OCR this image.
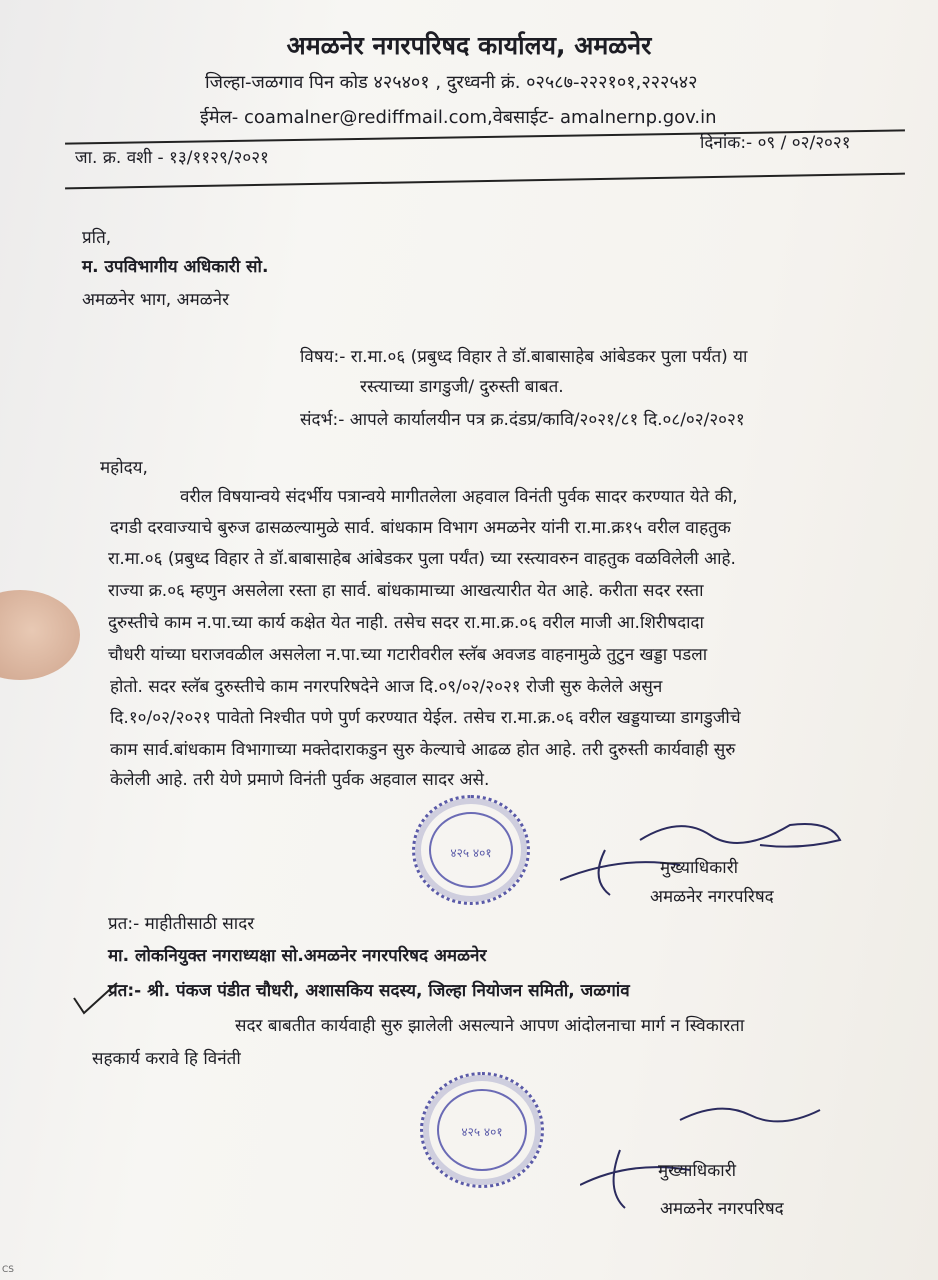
अमळनेर नगरपरिषद कार्यालय, अमळनेर
जिल्हा-जळगाव पिन कोड ४२५४०१ , दुरध्वनी क्रं. ०२५८७-२२२१०१,२२२५४२
ईमेल- coamalner@rediffmail.com,वेबसाईट- amalnernp.gov.in
जा. क्र. वशी - १३/११२९/२०२१
दिनांक:- ०९ / ०२/२०२१
प्रति,
म. उपविभागीय अधिकारी सो.
अमळनेर भाग, अमळनेर
विषय:- रा.मा.०६ (प्रबुध्द विहार ते डॉ.बाबासाहेब आंबेडकर पुला पर्यंत) या
रस्त्याच्या डागडुजी/ दुरुस्ती बाबत.
संदर्भ:- आपले कार्यालयीन पत्र क्र.दंडप्र/कावि/२०२१/८१ दि.०८/०२/२०२१
महोदय,
वरील विषयान्वये संदर्भीय पत्रान्वये मागीतलेला अहवाल विनंती पुर्वक सादर करण्यात येते की,
दगडी दरवाज्याचे बुरुज ढासळल्यामुळे सार्व. बांधकाम विभाग अमळनेर यांनी रा.मा.क्र१५ वरील वाहतुक
रा.मा.०६ (प्रबुध्द विहार ते डॉ.बाबासाहेब आंबेडकर पुला पर्यंत) च्या रस्त्यावरुन वाहतुक वळविलेली आहे.
राज्या क्र.०६ म्हणुन असलेला रस्ता हा सार्व. बांधकामाच्या आखत्यारीत येत आहे. करीता सदर रस्ता
दुरुस्तीचे काम न.पा.च्या कार्य कक्षेत येत नाही. तसेच सदर रा.मा.क्र.०६ वरील माजी आ.शिरीषदादा
चौधरी यांच्या घराजवळील असलेला न.पा.च्या गटारीवरील स्लॅब अवजड वाहनामुळे तुटुन खड्डा पडला
होतो. सदर स्लॅब दुरुस्तीचे काम नगरपरिषदेने आज दि.०९/०२/२०२१ रोजी सुरु केलेले असुन
दि.१०/०२/२०२१ पावेतो निश्चीत पणे पुर्ण करण्यात येईल. तसेच रा.मा.क्र.०६ वरील खड्डयाच्या डागडुजीचे
काम सार्व.बांधकाम विभागाच्या मक्तेदाराकडुन सुरु केल्याचे आढळ होत आहे. तरी दुरुस्ती कार्यवाही सुरु
केलेली आहे. तरी येणे प्रमाणे विनंती पुर्वक अहवाल सादर असे.
४२५ ४०१
मुख्याधिकारी
अमळनेर नगरपरिषद
प्रत:- माहीतीसाठी सादर
मा. लोकनियुक्त नगराध्यक्षा सो.अमळनेर नगरपरिषद अमळनेर
प्रत:- श्री. पंकज पंडीत चौधरी, अशासकिय सदस्य, जिल्हा नियोजन समिती, जळगांव
सदर बाबतीत कार्यवाही सुरु झालेली असल्याने आपण आंदोलनाचा मार्ग न स्विकारता
सहकार्य करावे हि विनंती
४२५ ४०१
मुख्याधिकारी
अमळनेर नगरपरिषद
CS
